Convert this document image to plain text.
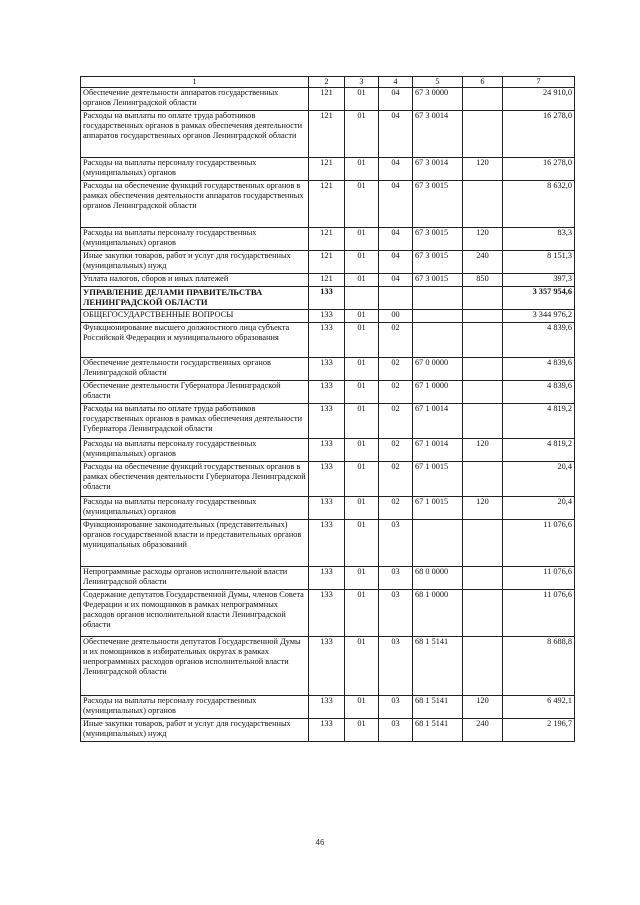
1	2	3	4	5	6	7
Обеспечение деятельности аппаратов государственных органов Ленинградской области	121	01	04	67 3 0000		24 910,0
Расходы на выплаты по оплате труда работников государственных органов в рамках обеспечения деятельности аппаратов государственных органов Ленинградской области	121	01	04	67 3 0014		16 278,0
Расходы на выплаты персоналу государственных (муниципальных) органов	121	01	04	67 3 0014	120	16 278,0
Расходы на обеспечение функций государственных органов в рамках обеспечения деятельности аппаратов государственных органов Ленинградской области	121	01	04	67 3 0015		8 632,0
Расходы на выплаты персоналу государственных (муниципальных) органов	121	01	04	67 3 0015	120	83,3
Иные закупки товаров, работ и услуг для государственных (муниципальных) нужд	121	01	04	67 3 0015	240	8 151,3
Уплата налогов, сборов и иных платежей	121	01	04	67 3 0015	850	397,3
УПРАВЛЕНИЕ ДЕЛАМИ ПРАВИТЕЛЬСТВА ЛЕНИНГРАДСКОЙ ОБЛАСТИ	133					3 357 954,6
ОБЩЕГОСУДАРСТВЕННЫЕ ВОПРОСЫ	133	01	00			3 344 976,2
Функционирование высшего должностного лица субъекта Российской Федерации и муниципального образования	133	01	02			4 839,6
Обеспечение деятельности государственных органов Ленинградской области	133	01	02	67 0 0000		4 839,6
Обеспечение деятельности Губернатора Ленинградской области	133	01	02	67 1 0000		4 839,6
Расходы на выплаты по оплате труда работников государственных органов в рамках обеспечения деятельности Губернатора Ленинградской области	133	01	02	67 1 0014		4 819,2
Расходы на выплаты персоналу государственных (муниципальных) органов	133	01	02	67 1 0014	120	4 819,2
Расходы на обеспечение функций государственных органов в рамках обеспечения деятельности Губернатора Ленинградской области	133	01	02	67 1 0015		20,4
Расходы на выплаты персоналу государственных (муниципальных) органов	133	01	02	67 1 0015	120	20,4
Функционирование законодательных (представительных) органов государственной власти и представительных органов муниципальных образований	133	01	03			11 076,6
Непрограммные расходы органов исполнительной власти Ленинградской области	133	01	03	68 0 0000		11 076,6
Содержание депутатов Государственной Думы, членов Совета Федерации и их помощников в рамках непрограммных расходов органов исполнительной власти Ленинградской области	133	01	03	68 1 0000		11 076,6
Обеспечение деятельности депутатов Государственной Думы и их помощников в избирательных округах в рамках непрограммных расходов органов исполнительной власти Ленинградской области	133	01	03	68 1 5141		8 688,8
Расходы на выплаты персоналу государственных (муниципальных) органов	133	01	03	68 1 5141	120	6 492,1
Иные закупки товаров, работ и услуг для государственных (муниципальных) нужд	133	01	03	68 1 5141	240	2 196,7
46
